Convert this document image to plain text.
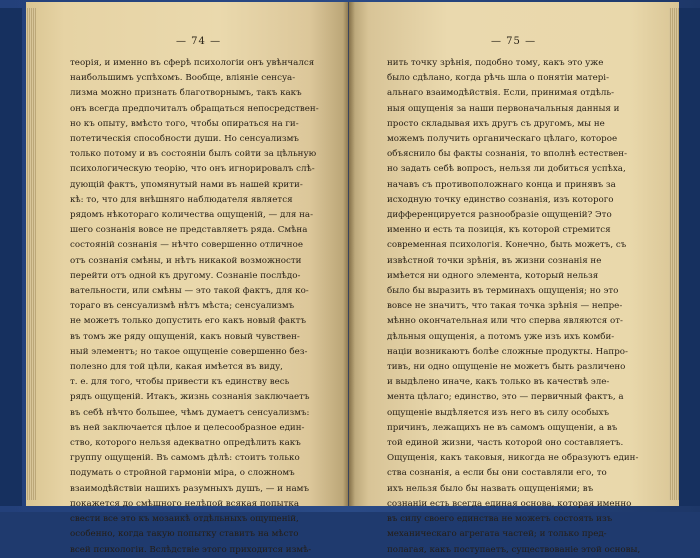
— 74 —
теорія, и именно въ сферѣ психологіи онъ увѣнчался
наибольшимъ успѣхомъ. Вообще, вліяніе сенсуа-
лизма можно признать благотворнымъ, такъ какъ
онъ всегда предпочиталъ обращаться непосредствен-
но къ опыту, вмѣсто того, чтобы опираться на ги-
потетическія способности души. Но сенсуализмъ
только потому и въ состояніи былъ сойти за цѣльную
психологическую теорію, что онъ игнорировалъ слѣ-
дующій фактъ, упомянутый нами въ нашей крити-
кѣ: то, что для внѣшняго наблюдателя является
рядомъ нѣкотораго количества ощущеній, — для на-
шего сознанія вовсе не представляетъ ряда. Смѣна
состояній сознанія — нѣчто совершенно отличное
отъ сознанія смѣны, и нѣтъ никакой возможности
перейти отъ одной къ другому. Сознаніе послѣдо-
вательности, или смѣны — это такой фактъ, для ко-
тораго въ сенсуализмѣ нѣтъ мѣста; сенсуализмъ
не можетъ только допустить его какъ новый фактъ
въ томъ же ряду ощущеній, какъ новый чувствен-
ный элементъ; но такое ощущеніе совершенно без-
полезно для той цѣли, какая имѣется въ виду,
т. е. для того, чтобы привести къ единству весь
рядъ ощущеній. Итакъ, жизнь сознанія заключаетъ
въ себѣ нѣчто большее, чѣмъ думаетъ сенсуализмъ:
въ ней заключается цѣлое и целесообразное един-
ство, которого нельзя адекватно опредѣлить какъ
группу ощущеній. Въ самомъ дѣлѣ: стоитъ только
подумать о стройной гармоніи міра, о сложномъ
взаимодѣйствіи нашихъ разумныхъ душъ, — и намъ
покажется до смѣшного нелѣпой всякая попытка
свести все это къ мозаикѣ отдѣльныхъ ощущеній,
особенно, когда такую попытку ставитъ на мѣсто
всей психологіи. Вслѣдствіе этого приходится измѣ-
— 75 —
нить точку зрѣнія, подобно тому, какъ это уже
было сдѣлано, когда рѣчь шла о понятіи матері-
альнаго взаимодѣйствія. Если, принимая отдѣль-
ныя ощущенія за наши первоначальныя данныя и
просто складывая ихъ другъ съ другомъ, мы не
можемъ получить органическаго цѣлаго, которое
объяснило бы факты сознанія, то вполнѣ естествен-
но задать себѣ вопросъ, нельзя ли добиться успѣха,
начавъ съ противоположнаго конца и принявъ за
исходную точку единство сознанія, изъ которого
дифференцируется разнообразіе ощущеній? Это
именно и есть та позиція, къ которой стремится
современная психологія. Конечно, быть можетъ, съ
извѣстной точки зрѣнія, въ жизни сознанія не
имѣется ни одного элемента, который нельзя
было бы выразить въ терминахъ ощущенія; но это
вовсе не значитъ, что такая точка зрѣнія — непре-
мѣнно окончательная или что сперва являются от-
дѣльныя ощущенія, а потомъ уже изъ ихъ комби-
націи возникаютъ болѣе сложные продукты. Напро-
тивъ, ни одно ощущеніе не можетъ быть различено
и выдѣлено иначе, какъ только въ качествѣ эле-
мента цѣлаго; единство, это — первичный фактъ, а
ощущеніе выдѣляется изъ него въ силу особыхъ
причинъ, лежащихъ не въ самомъ ощущеніи, а въ
той единой жизни, часть которой оно составляетъ.
Ощущенія, какъ таковыя, никогда не образуютъ един-
ства сознанія, а если бы они составляли его, то
ихъ нельзя было бы назвать ощущеніями; въ
сознаніи есть всегда единая основа, которая именно
въ силу своего единства не можетъ состоять изъ
механическаго агрегата частей; и только пред-
полагая, какъ поступаетъ, существованіе этой основы,
